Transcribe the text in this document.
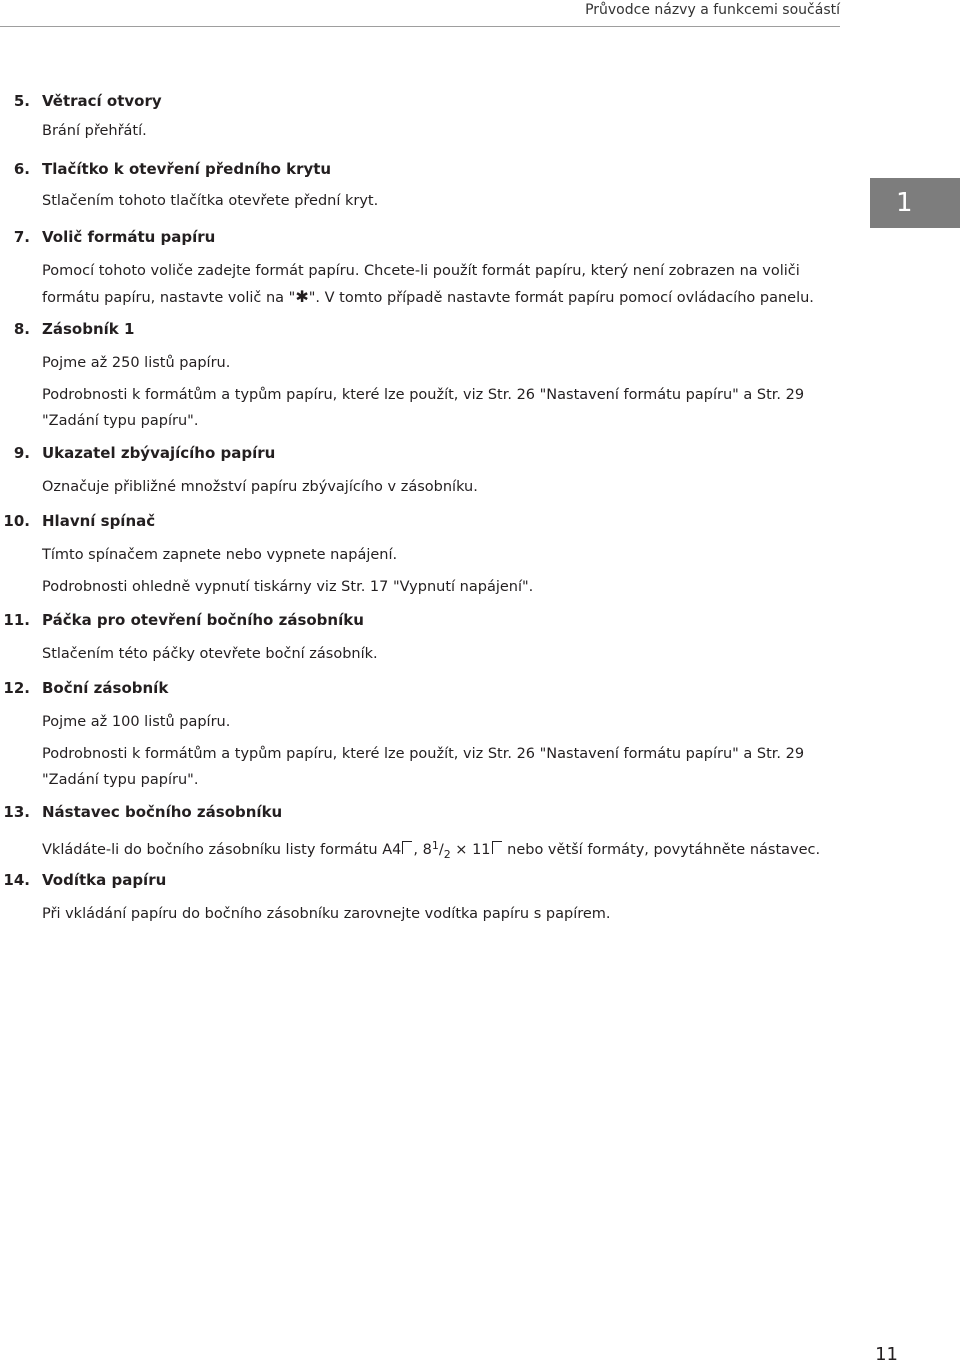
Průvodce názvy a funkcemi součástí
1
5. Větrací otvory
Brání přehřátí.
6. Tlačítko k otevření předního krytu
Stlačením tohoto tlačítka otevřete přední kryt.
7. Volič formátu papíru
Pomocí tohoto voliče zadejte formát papíru. Chcete-li použít formát papíru, který není zobrazen na voliči
formátu papíru, nastavte volič na "✱". V tomto případě nastavte formát papíru pomocí ovládacího panelu.
8. Zásobník 1
Pojme až 250 listů papíru.
Podrobnosti k formátům a typům papíru, které lze použít, viz Str. 26 "Nastavení formátu papíru" a Str. 29
"Zadání typu papíru".
9. Ukazatel zbývajícího papíru
Označuje přibližné množství papíru zbývajícího v zásobníku.
10. Hlavní spínač
Tímto spínačem zapnete nebo vypnete napájení.
Podrobnosti ohledně vypnutí tiskárny viz Str. 17 "Vypnutí napájení".
11. Páčka pro otevření bočního zásobníku
Stlačením této páčky otevřete boční zásobník.
12. Boční zásobník
Pojme až 100 listů papíru.
Podrobnosti k formátům a typům papíru, které lze použít, viz Str. 26 "Nastavení formátu papíru" a Str. 29
"Zadání typu papíru".
13. Nástavec bočního zásobníku
Vkládáte-li do bočního zásobníku listy formátu A4 , $8^1/_2 \times 11$ nebo větší formáty, povytáhněte nástavec.
14. Vodítka papíru
Při vkládání papíru do bočního zásobníku zarovnejte vodítka papíru s papírem.
11
